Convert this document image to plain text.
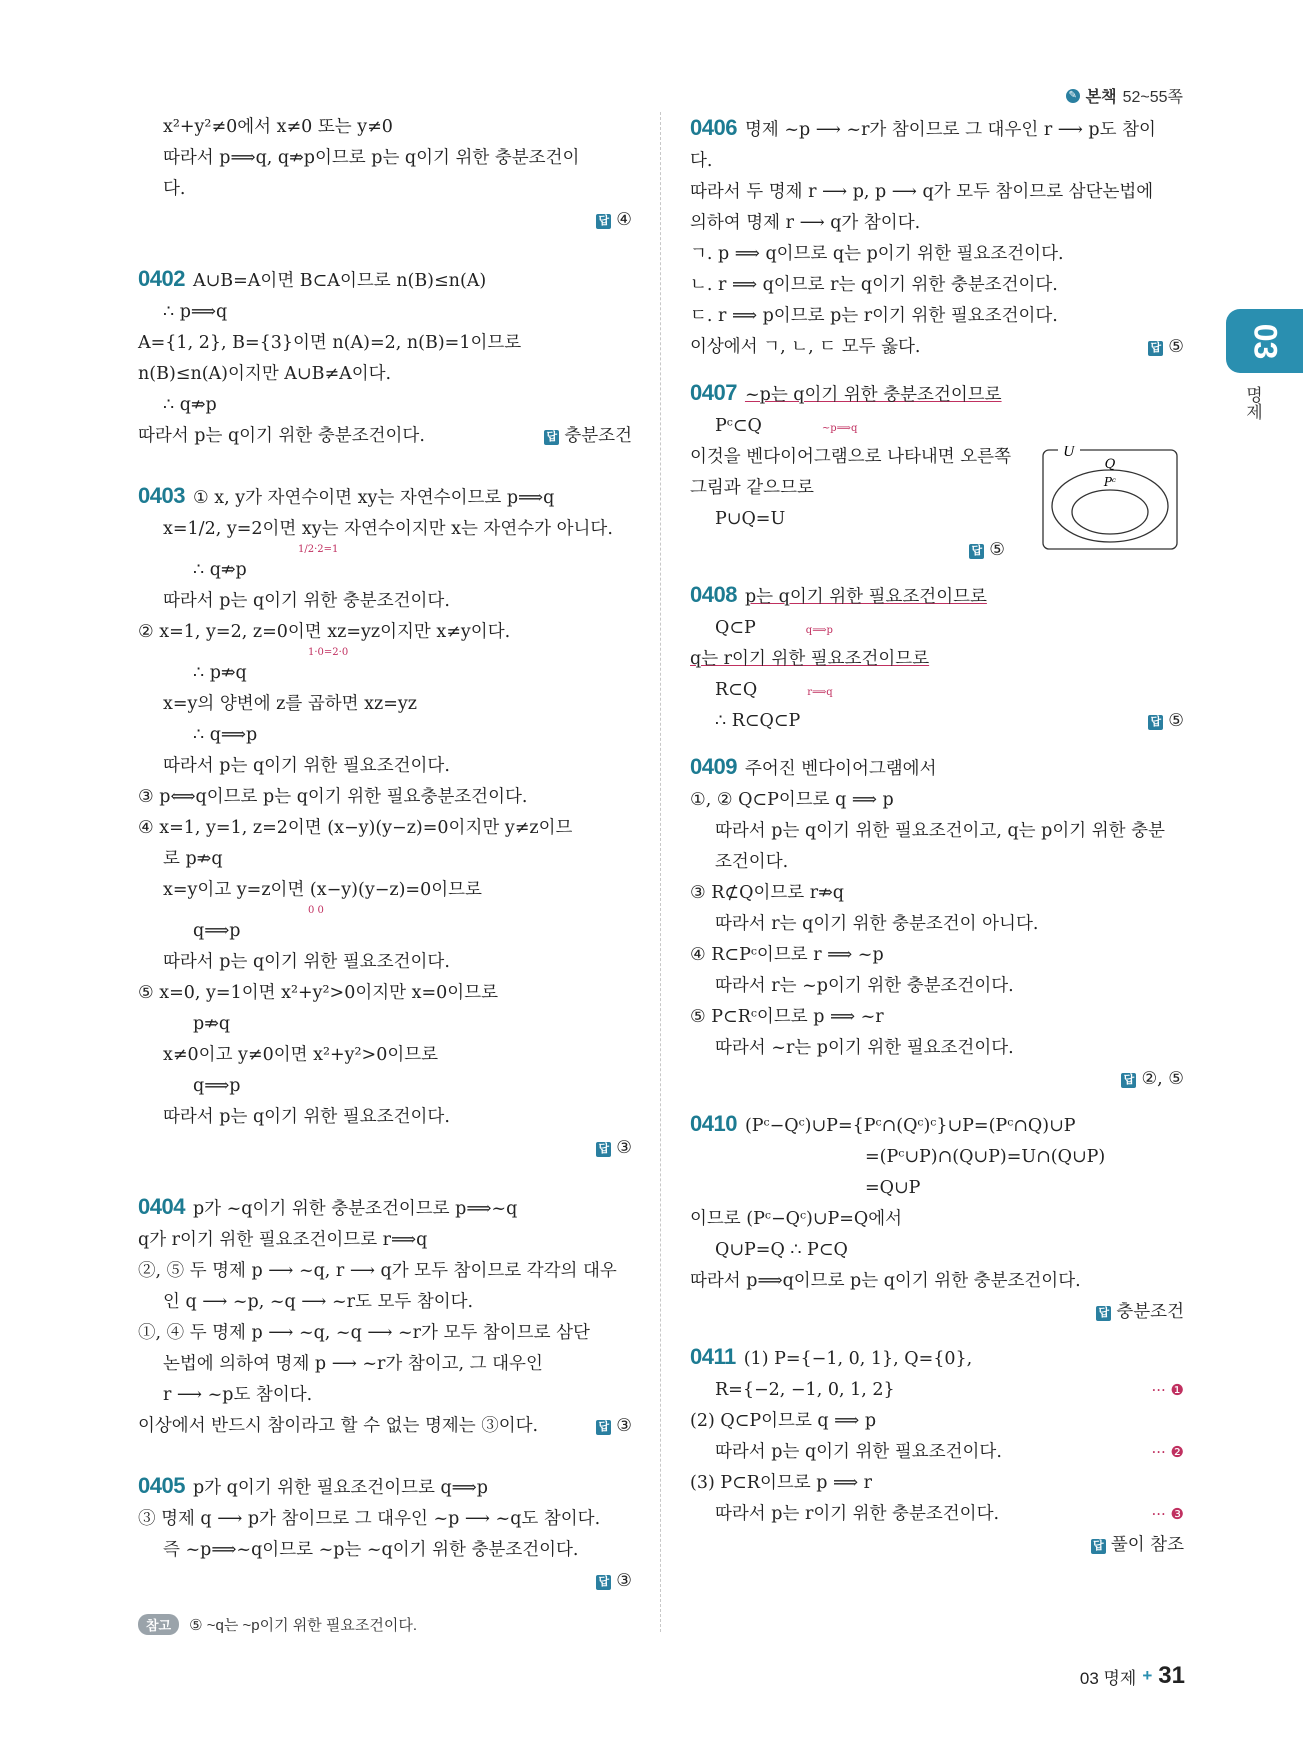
✎ 본책 52~55쪽
x²+y²≠0에서 x≠0 또는 y≠0
따라서 p⟹q, q⇏p이므로 p는 q이기 위한 충분조건이
다.
답 ④
0402 A∪B=A이면 B⊂A이므로 n(B)≤n(A)
∴ p⟹q
A={1, 2}, B={3}이면 n(A)=2, n(B)=1이므로
n(B)≤n(A)이지만 A∪B≠A이다.
∴ q⇏p
따라서 p는 q이기 위한 충분조건이다.	답 충분조건
0403 ① x, y가 자연수이면 xy는 자연수이므로 p⟹q
x=1/2, y=2이면 xy는 자연수이지만 x는 자연수가 아니다.
1/2·2=1
∴ q⇏p
따라서 p는 q이기 위한 충분조건이다.
② x=1, y=2, z=0이면 xz=yz이지만 x≠y이다.
1·0=2·0
∴ p⇏q
x=y의 양변에 z를 곱하면 xz=yz
∴ q⟹p
따라서 p는 q이기 위한 필요조건이다.
③ p⟺q이므로 p는 q이기 위한 필요충분조건이다.
④ x=1, y=1, z=2이면 (x−y)(y−z)=0이지만 y≠z이므
로 p⇏q
x=y이고 y=z이면 (x−y)(y−z)=0이므로
0 0
q⟹p
따라서 p는 q이기 위한 필요조건이다.
⑤ x=0, y=1이면 x²+y²>0이지만 x=0이므로
p⇏q
x≠0이고 y≠0이면 x²+y²>0이므로
q⟹p
따라서 p는 q이기 위한 필요조건이다.
답 ③
0404 p가 ~q이기 위한 충분조건이므로 p⟹~q
q가 r이기 위한 필요조건이므로 r⟹q
②, ⑤ 두 명제 p ⟶ ~q, r ⟶ q가 모두 참이므로 각각의 대우
인 q ⟶ ~p, ~q ⟶ ~r도 모두 참이다.
①, ④ 두 명제 p ⟶ ~q, ~q ⟶ ~r가 모두 참이므로 삼단
논법에 의하여 명제 p ⟶ ~r가 참이고, 그 대우인
r ⟶ ~p도 참이다.
이상에서 반드시 참이라고 할 수 없는 명제는 ③이다.	답 ③
0405 p가 q이기 위한 필요조건이므로 q⟹p
③ 명제 q ⟶ p가 참이므로 그 대우인 ~p ⟶ ~q도 참이다.
즉 ~p⟹~q이므로 ~p는 ~q이기 위한 충분조건이다.
답 ③
참고	⑤ ~q는 ~p이기 위한 필요조건이다.
0406 명제 ~p ⟶ ~r가 참이므로 그 대우인 r ⟶ p도 참이
다.
따라서 두 명제 r ⟶ p, p ⟶ q가 모두 참이므로 삼단논법에
의하여 명제 r ⟶ q가 참이다.
ㄱ. p ⟹ q이므로 q는 p이기 위한 필요조건이다.
ㄴ. r ⟹ q이므로 r는 q이기 위한 충분조건이다.
ㄷ. r ⟹ p이므로 p는 r이기 위한 필요조건이다.
이상에서 ㄱ, ㄴ, ㄷ 모두 옳다.	답 ⑤
0407 ~p는 q이기 위한 충분조건이므로
Pᶜ⊂Q	~p⟹q
이것을 벤다이어그램으로 나타내면 오른쪽
그림과 같으므로
P∪Q=U
답 ⑤
U
Q
Pᶜ
0408 p는 q이기 위한 필요조건이므로
Q⊂P	q⟹p
q는 r이기 위한 필요조건이므로
R⊂Q	r⟹q
∴ R⊂Q⊂P	답 ⑤
0409 주어진 벤다이어그램에서
①, ② Q⊂P이므로 q ⟹ p
따라서 p는 q이기 위한 필요조건이고, q는 p이기 위한 충분
조건이다.
③ R⊄Q이므로 r⇏q
따라서 r는 q이기 위한 충분조건이 아니다.
④ R⊂Pᶜ이므로 r ⟹ ~p
따라서 r는 ~p이기 위한 충분조건이다.
⑤ P⊂Rᶜ이므로 p ⟹ ~r
따라서 ~r는 p이기 위한 필요조건이다.
답 ②, ⑤
0410 (Pᶜ−Qᶜ)∪P={Pᶜ∩(Qᶜ)ᶜ}∪P=(Pᶜ∩Q)∪P
=(Pᶜ∪P)∩(Q∪P)=U∩(Q∪P)
=Q∪P
이므로 (Pᶜ−Qᶜ)∪P=Q에서
Q∪P=Q ∴ P⊂Q
따라서 p⟹q이므로 p는 q이기 위한 충분조건이다.
답 충분조건
0411 (1) P={−1, 0, 1}, Q={0},
R={−2, −1, 0, 1, 2}	··· ❶
(2) Q⊂P이므로 q ⟹ p
따라서 p는 q이기 위한 필요조건이다.	··· ❷
(3) P⊂R이므로 p ⟹ r
따라서 p는 r이기 위한 충분조건이다.	··· ❸
답 풀이 참조
03
명제
03 명제 + 31
